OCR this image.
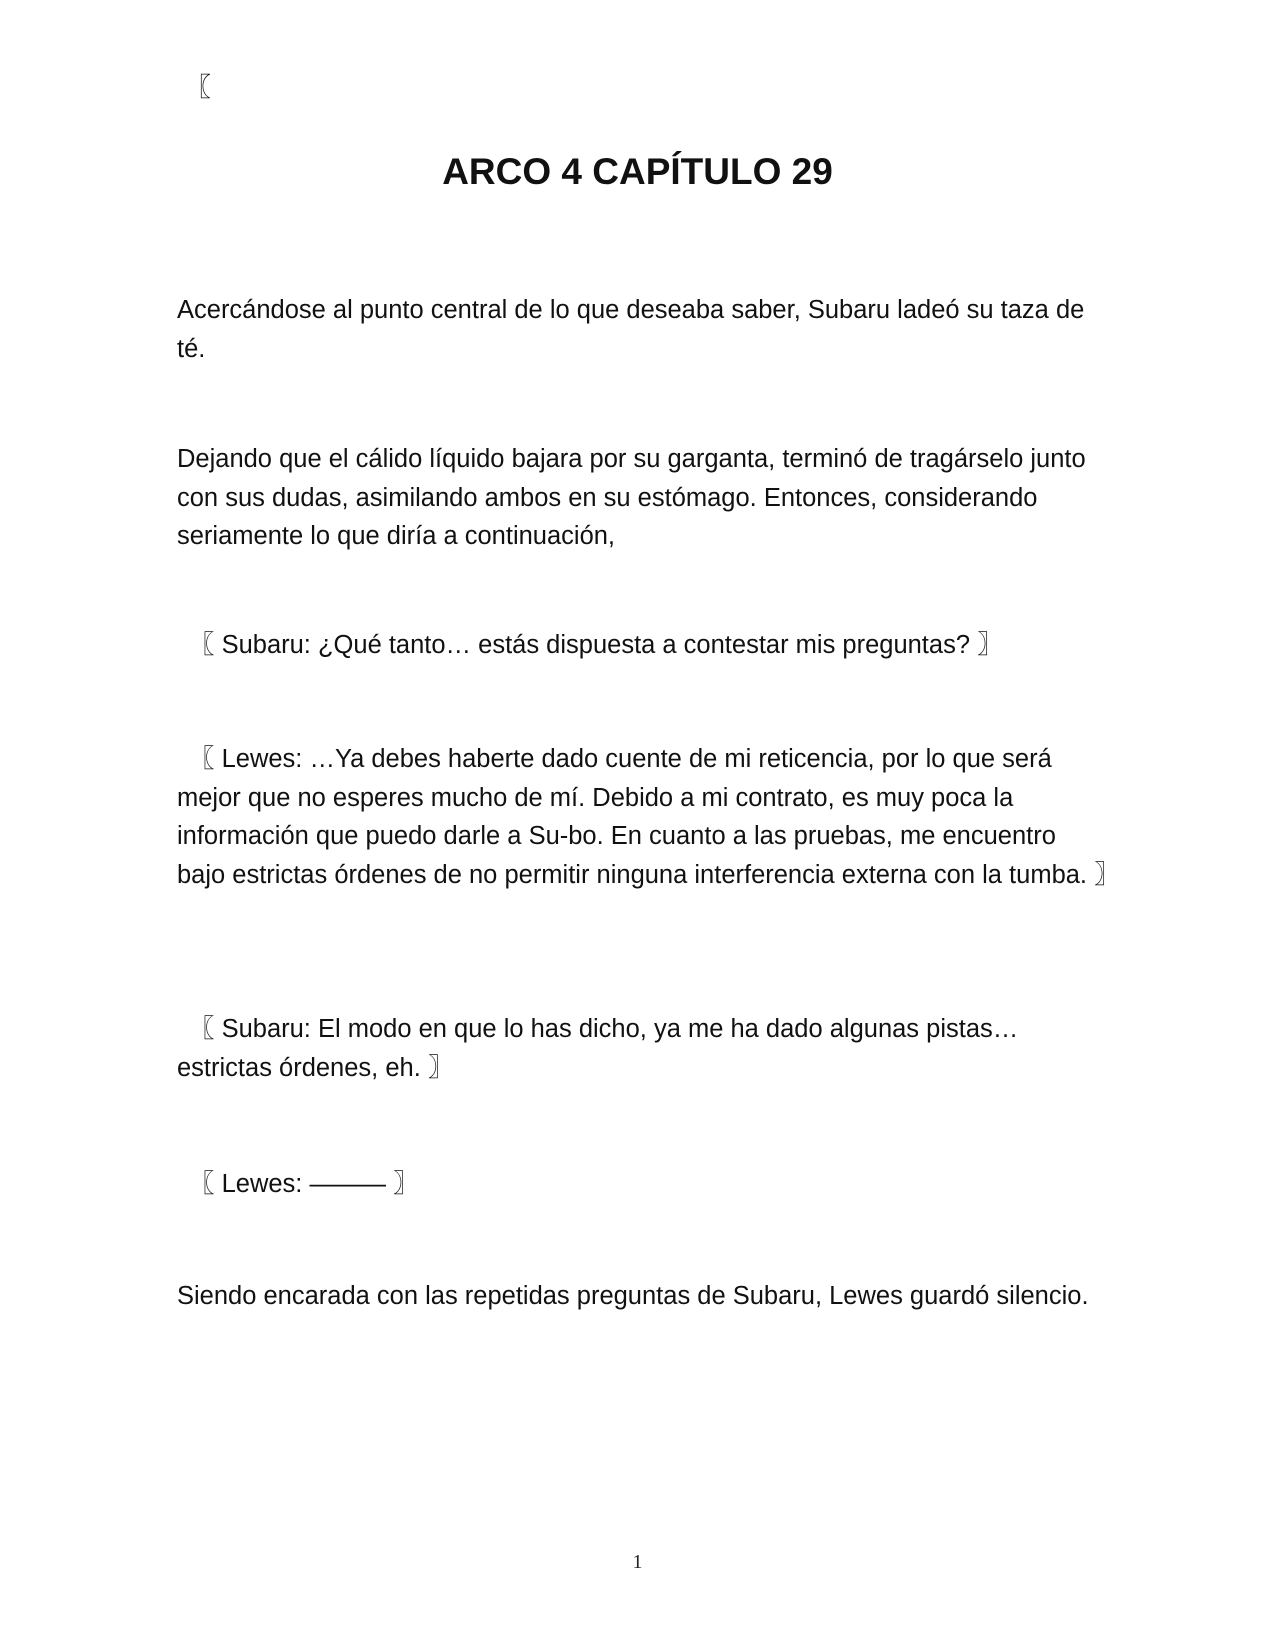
〖
ARCO 4 CAPÍTULO 29

Acercándose al punto central de lo que deseaba saber, Subaru ladeó su taza de té.

Dejando que el cálido líquido bajara por su garganta, terminó de tragárselo junto con sus dudas, asimilando ambos en su estómago. Entonces, considerando seriamente lo que diría a continuación,

〖 Subaru: ¿Qué tanto… estás dispuesta a contestar mis preguntas? 〗

〖 Lewes: …Ya debes haberte dado cuente de mi reticencia, por lo que será mejor que no esperes mucho de mí. Debido a mi contrato, es muy poca la información que puedo darle a Su-bo. En cuanto a las pruebas, me encuentro bajo estrictas órdenes de no permitir ninguna interferencia externa con la tumba. 〗

〖 Subaru: El modo en que lo has dicho, ya me ha dado algunas pistas… estrictas órdenes, eh. 〗

〖 Lewes: ——— 〗

Siendo encarada con las repetidas preguntas de Subaru, Lewes guardó silencio.

1
